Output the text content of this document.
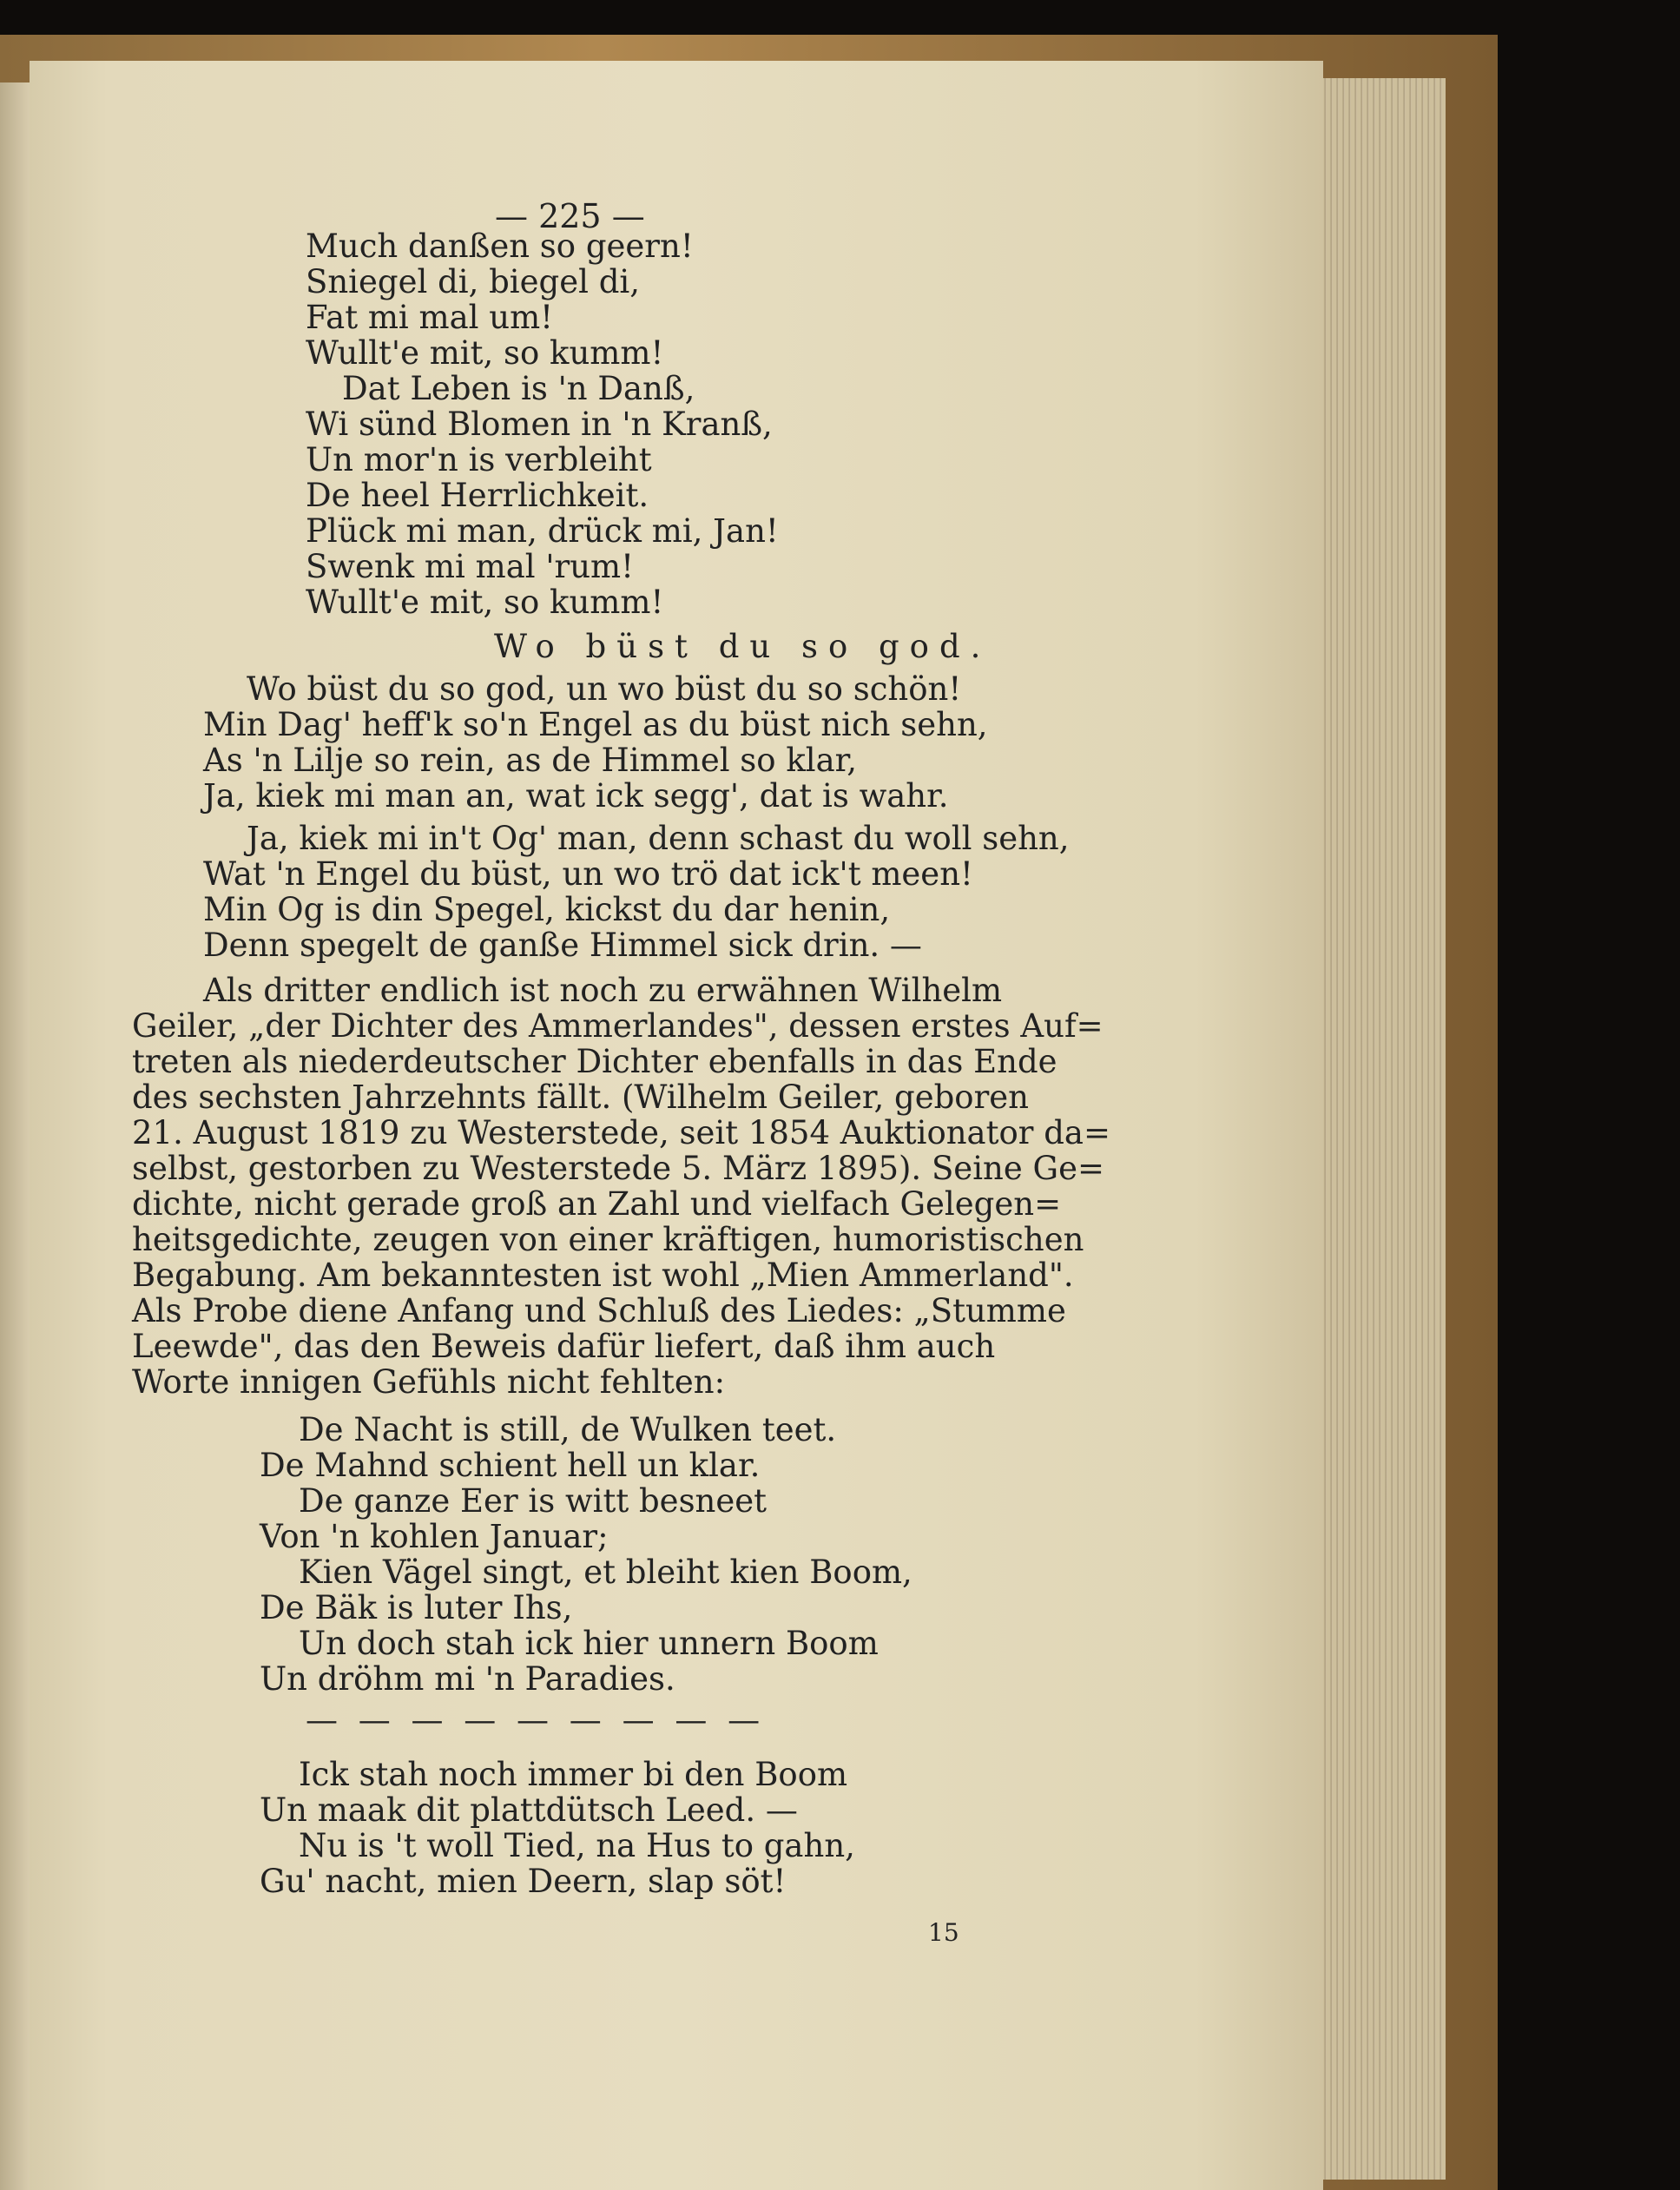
— 225 —
Much danßen so geern!
Sniegel di, biegel di,
Fat mi mal um!
Wullt'e mit, so kumm!
Dat Leben is 'n Danß,
Wi sünd Blomen in 'n Kranß,
Un mor'n is verbleiht
De heel Herrlichkeit.
Plück mi man, drück mi, Jan!
Swenk mi mal 'rum!
Wullt'e mit, so kumm!
Wo büst du so god.
Wo büst du so god, un wo büst du so schön!
Min Dag' heff'k so'n Engel as du büst nich sehn,
As 'n Lilje so rein, as de Himmel so klar,
Ja, kiek mi man an, wat ick segg', dat is wahr.
Ja, kiek mi in't Og' man, denn schast du woll sehn,
Wat 'n Engel du büst, un wo trö dat ick't meen!
Min Og is din Spegel, kickst du dar henin,
Denn spegelt de ganße Himmel sick drin. —
Als dritter endlich ist noch zu erwähnen Wilhelm
Geiler, „der Dichter des Ammerlandes", dessen erstes Auf=
treten als niederdeutscher Dichter ebenfalls in das Ende
des sechsten Jahrzehnts fällt. (Wilhelm Geiler, geboren
21. August 1819 zu Westerstede, seit 1854 Auktionator da=
selbst, gestorben zu Westerstede 5. März 1895). Seine Ge=
dichte, nicht gerade groß an Zahl und vielfach Gelegen=
heitsgedichte, zeugen von einer kräftigen, humoristischen
Begabung. Am bekanntesten ist wohl „Mien Ammerland".
Als Probe diene Anfang und Schluß des Liedes: „Stumme
Leewde", das den Beweis dafür liefert, daß ihm auch
Worte innigen Gefühls nicht fehlten:
De Nacht is still, de Wulken teet.
De Mahnd schient hell un klar.
De ganze Eer is witt besneet
Von 'n kohlen Januar;
Kien Vägel singt, et bleiht kien Boom,
De Bäk is luter Ihs,
Un doch stah ick hier unnern Boom
Un dröhm mi 'n Paradies.
— — — — — — — — —
Ick stah noch immer bi den Boom
Un maak dit plattdütsch Leed. —
Nu is 't woll Tied, na Hus to gahn,
Gu' nacht, mien Deern, slap söt!
15
